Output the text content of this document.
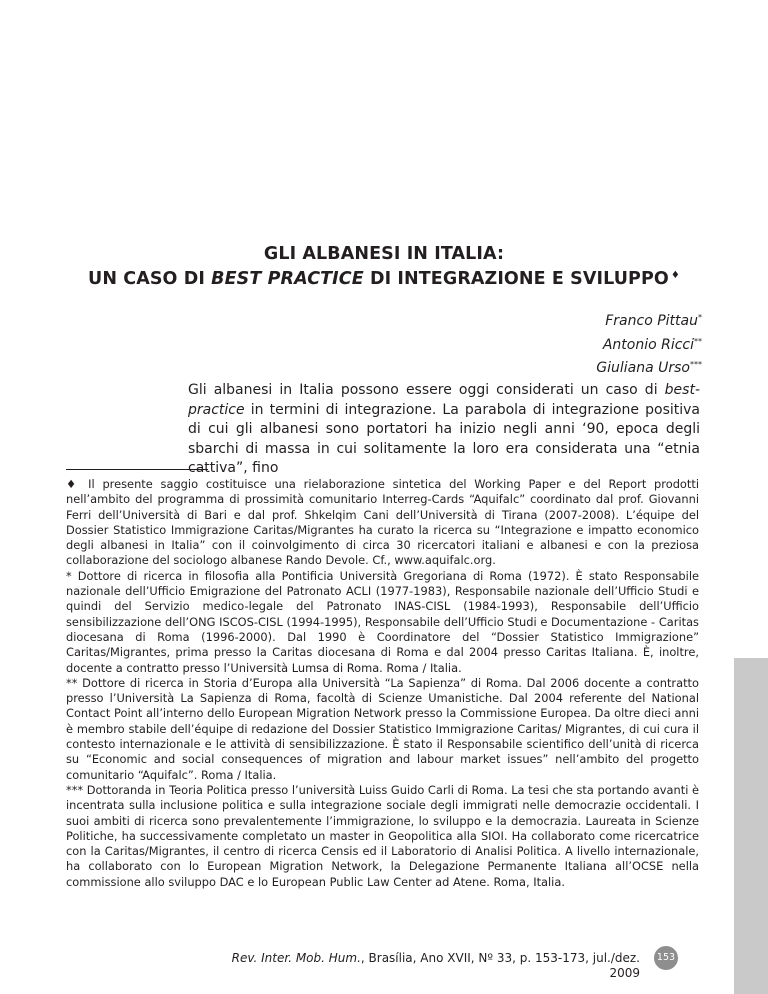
GLI ALBANESI IN ITALIA:
UN CASO DI BEST PRACTICE DI INTEGRAZIONE E SVILUPPO ♦
Franco Pittau*
Antonio Ricci**
Giuliana Urso***
Gli albanesi in Italia possono essere oggi considerati un caso di best-practice in termini di integrazione. La parabola di integrazione positiva di cui gli albanesi sono portatori ha inizio negli anni ‘90, epoca degli sbarchi di massa in cui solitamente la loro era considerata una “etnia cattiva”, fino

♦ Il presente saggio costituisce una rielaborazione sintetica del Working Paper e del Report prodotti nell’ambito del programma di prossimità comunitario Interreg-Cards “Aquifalc” coordinato dal prof. Giovanni Ferri dell’Università di Bari e dal prof. Shkelqim Cani dell’Università di Tirana (2007-2008). L’équipe del Dossier Statistico Immigrazione Caritas/Migrantes ha curato la ricerca su “Integrazione e impatto economico degli albanesi in Italia” con il coinvolgimento di circa 30 ricercatori italiani e albanesi e con la preziosa collaborazione del sociologo albanese Rando Devole. Cf., www.aquifalc.org.

* Dottore di ricerca in filosofia alla Pontificia Università Gregoriana di Roma (1972). È stato Responsabile nazionale dell’Ufficio Emigrazione del Patronato ACLI (1977-1983), Responsabile nazionale dell’Ufficio Studi e quindi del Servizio medico-legale del Patronato INAS-CISL (1984-1993), Responsabile dell’Ufficio sensibilizzazione dell’ONG ISCOS-CISL (1994-1995), Responsabile dell’Ufficio Studi e Documentazione - Caritas diocesana di Roma (1996-2000). Dal 1990 è Coordinatore del “Dossier Statistico Immigrazione” Caritas/Migrantes, prima presso la Caritas diocesana di Roma e dal 2004 presso Caritas Italiana. È, inoltre, docente a contratto presso l’Università Lumsa di Roma. Roma / Italia.

** Dottore di ricerca in Storia d’Europa alla Università “La Sapienza” di Roma. Dal 2006 docente a contratto presso l’Università La Sapienza di Roma, facoltà di Scienze Umanistiche. Dal 2004 referente del National Contact Point all’interno dello European Migration Network presso la Commissione Europea. Da oltre dieci anni è membro stabile dell’équipe di redazione del Dossier Statistico Immigrazione Caritas/ Migrantes, di cui cura il contesto internazionale e le attività di sensibilizzazione. È stato il Responsabile scientifico dell’unità di ricerca su “Economic and social consequences of migration and labour market issues” nell’ambito del progetto comunitario “Aquifalc”. Roma / Italia.

*** Dottoranda in Teoria Politica presso l’università Luiss Guido Carli di Roma. La tesi che sta portando avanti è incentrata sulla inclusione politica e sulla integrazione sociale degli immigrati nelle democrazie occidentali. I suoi ambiti di ricerca sono prevalentemente l’immigrazione, lo sviluppo e la democrazia. Laureata in Scienze Politiche, ha successivamente completato un master in Geopolitica alla SIOI. Ha collaborato come ricercatrice con la Caritas/Migrantes, il centro di ricerca Censis ed il Laboratorio di Analisi Politica. A livello internazionale, ha collaborato con lo European Migration Network, la Delegazione Permanente Italiana all’OCSE nella commissione allo sviluppo DAC e lo European Public Law Center ad Atene. Roma, Italia.

Rev. Inter. Mob. Hum., Brasília, Ano XVII, Nº 33, p. 153-173, jul./dez. 2009
153
